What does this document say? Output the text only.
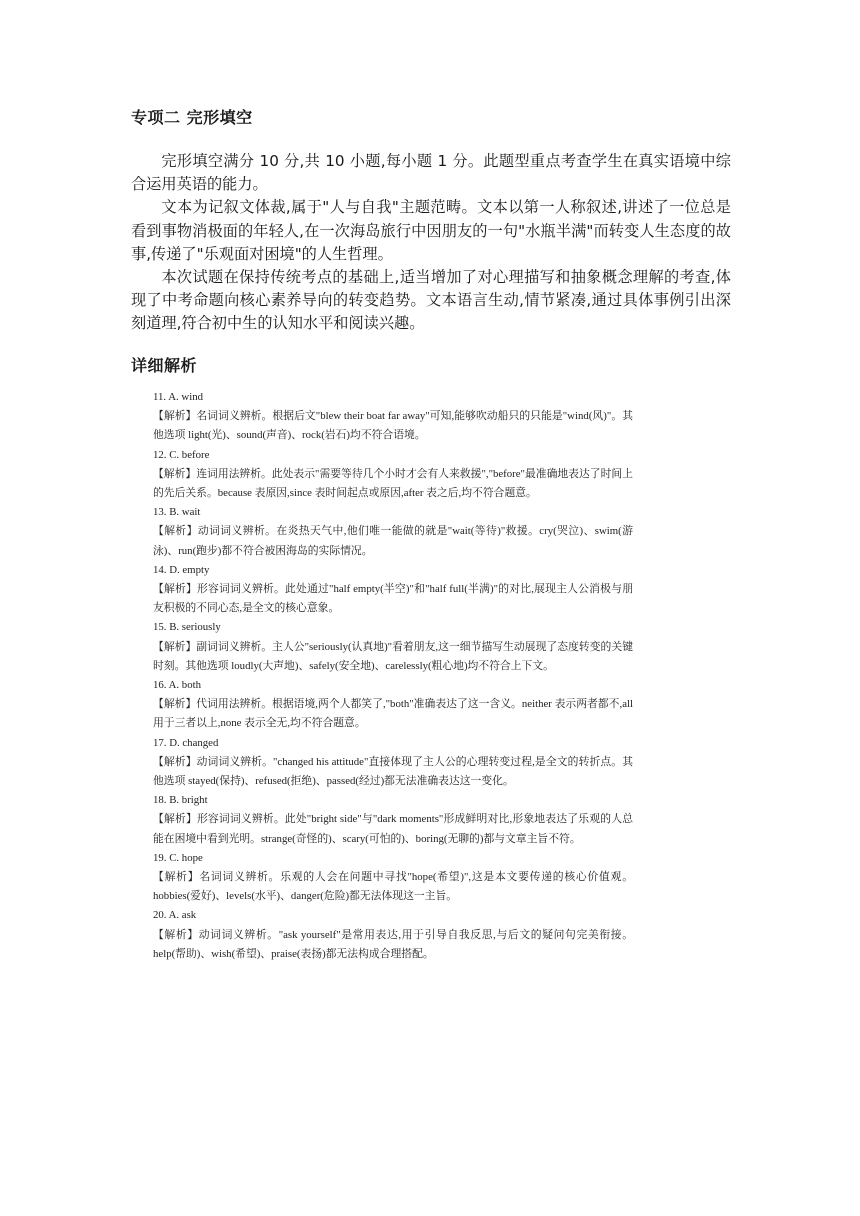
专项二 完形填空

完形填空满分 10 分,共 10 小题,每小题 1 分。此题型重点考查学生在真实语境中综合运用英语的能力。

文本为记叙文体裁,属于"人与自我"主题范畴。文本以第一人称叙述,讲述了一位总是看到事物消极面的年轻人,在一次海岛旅行中因朋友的一句"水瓶半满"而转变人生态度的故事,传递了"乐观面对困境"的人生哲理。

本次试题在保持传统考点的基础上,适当增加了对心理描写和抽象概念理解的考查,体现了中考命题向核心素养导向的转变趋势。文本语言生动,情节紧凑,通过具体事例引出深刻道理,符合初中生的认知水平和阅读兴趣。

详细解析
11. A. wind
【解析】名词词义辨析。根据后文"blew their boat far away"可知,能够吹动船只的只能是"wind(风)"。其他选项 light(光)、sound(声音)、rock(岩石)均不符合语境。
12. C. before
【解析】连词用法辨析。此处表示"需要等待几个小时才会有人来救援","before"最准确地表达了时间上的先后关系。because 表原因,since 表时间起点或原因,after 表之后,均不符合题意。
13. B. wait
【解析】动词词义辨析。在炎热天气中,他们唯一能做的就是"wait(等待)"救援。cry(哭泣)、swim(游泳)、run(跑步)都不符合被困海岛的实际情况。
14. D. empty
【解析】形容词词义辨析。此处通过"half empty(半空)"和"half full(半满)"的对比,展现主人公消极与朋友积极的不同心态,是全文的核心意象。
15. B. seriously
【解析】副词词义辨析。主人公"seriously(认真地)"看着朋友,这一细节描写生动展现了态度转变的关键时刻。其他选项 loudly(大声地)、safely(安全地)、carelessly(粗心地)均不符合上下文。
16. A. both
【解析】代词用法辨析。根据语境,两个人都笑了,"both"准确表达了这一含义。neither 表示两者都不,all 用于三者以上,none 表示全无,均不符合题意。
17. D. changed
【解析】动词词义辨析。"changed his attitude"直接体现了主人公的心理转变过程,是全文的转折点。其他选项 stayed(保持)、refused(拒绝)、passed(经过)都无法准确表达这一变化。
18. B. bright
【解析】形容词词义辨析。此处"bright side"与"dark moments"形成鲜明对比,形象地表达了乐观的人总能在困境中看到光明。strange(奇怪的)、scary(可怕的)、boring(无聊的)都与文章主旨不符。
19. C. hope
【解析】名词词义辨析。乐观的人会在问题中寻找"hope(希望)",这是本文要传递的核心价值观。hobbies(爱好)、levels(水平)、danger(危险)都无法体现这一主旨。
20. A. ask
【解析】动词词义辨析。"ask yourself"是常用表达,用于引导自我反思,与后文的疑问句完美衔接。help(帮助)、wish(希望)、praise(表扬)都无法构成合理搭配。
